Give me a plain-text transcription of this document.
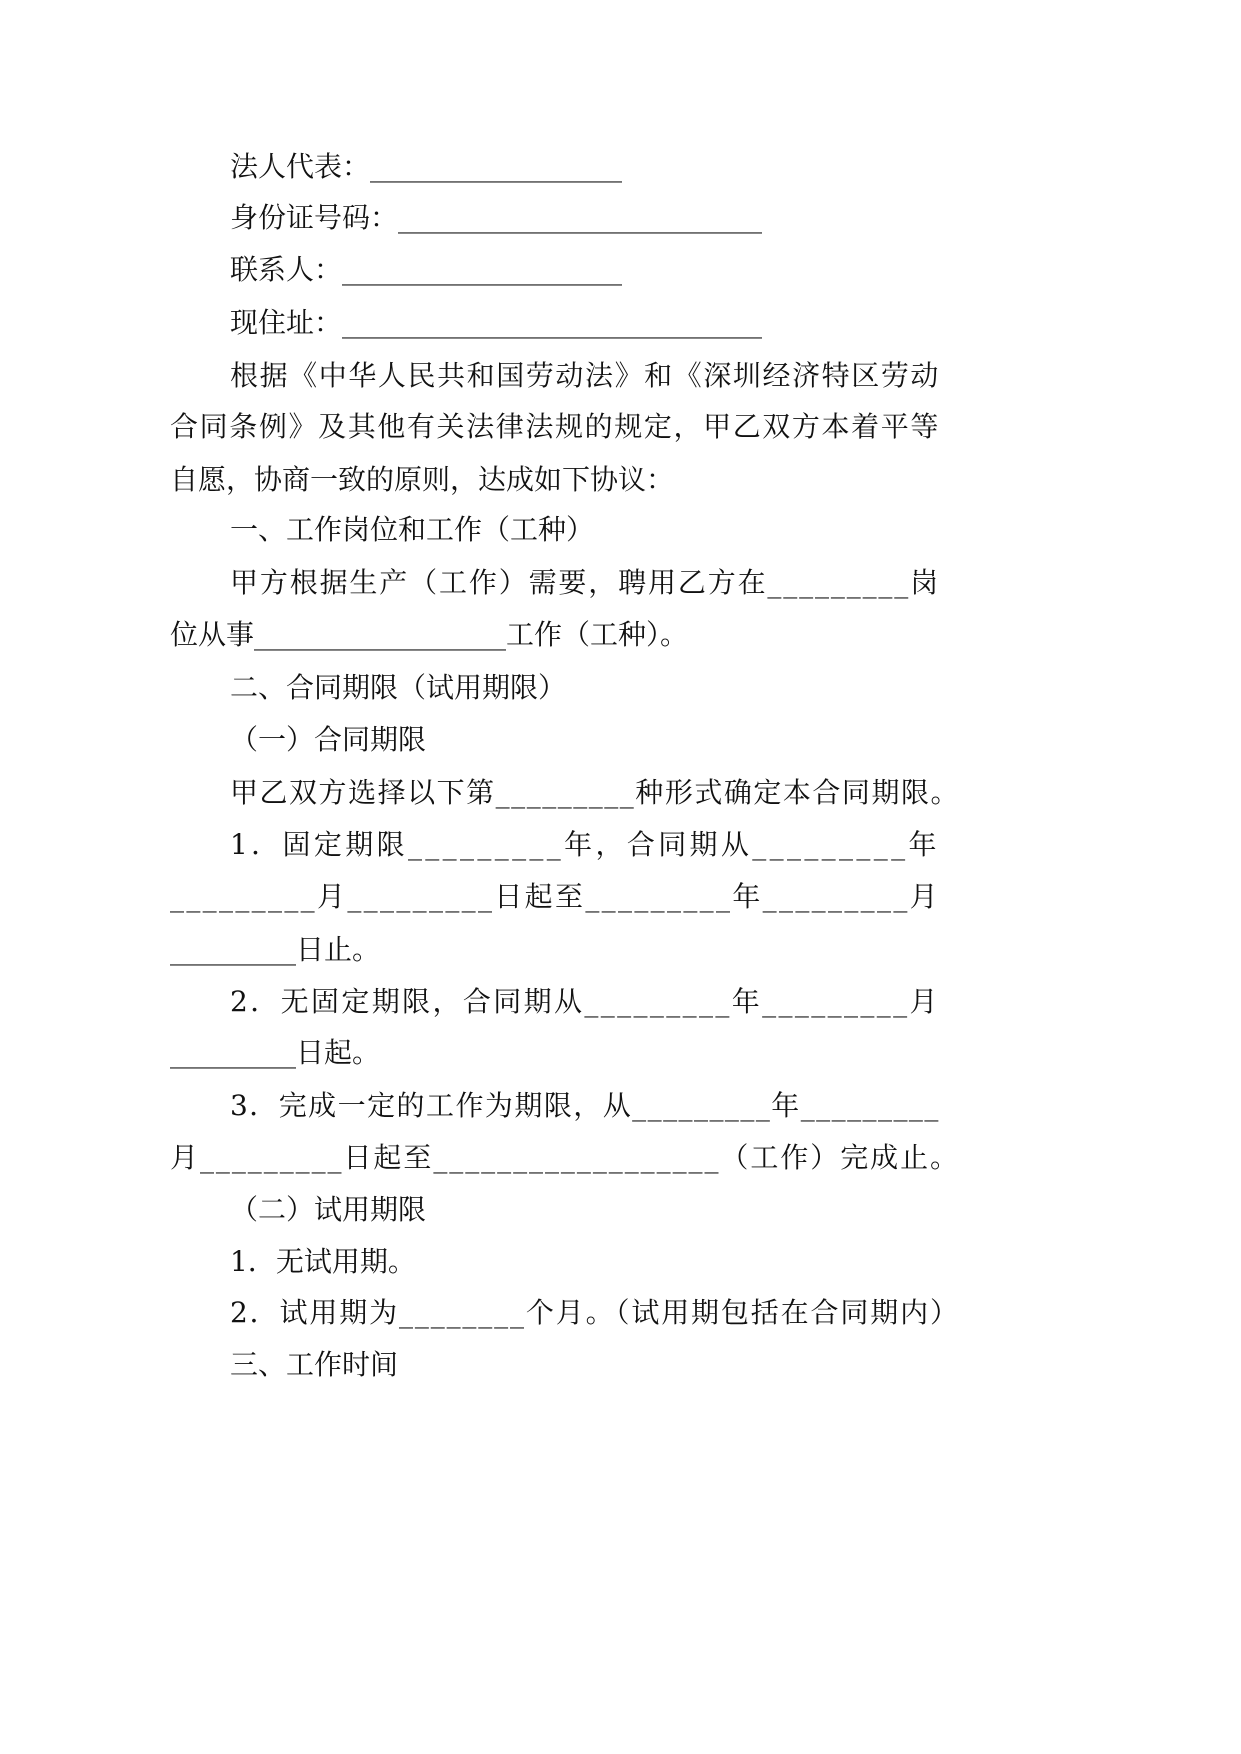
法人代表：__________________
身份证号码：__________________________
联系人：____________________
现住址：______________________________
根据《中华人民共和国劳动法》和《深圳经济特区劳动
合同条例》及其他有关法律法规的规定，甲乙双方本着平等
自愿，协商一致的原则，达成如下协议：
一、工作岗位和工作（工种）
甲方根据生产（工作）需要，聘用乙方在_________岗
位从事__________________工作（工种）。
二、合同期限（试用期限）
（一）合同期限
甲乙双方选择以下第_________种形式确定本合同期限。
1．固定期限_________年，合同期从_________年
_________月_________日起至_________年_________月
_________日止。
2．无固定期限，合同期从_________年_________月
_________日起。
3．完成一定的工作为期限，从_________年_________
月_________日起至__________________（工作）完成止。
（二）试用期限
1．无试用期。
2．试用期为________个月。（试用期包括在合同期内）
三、工作时间
